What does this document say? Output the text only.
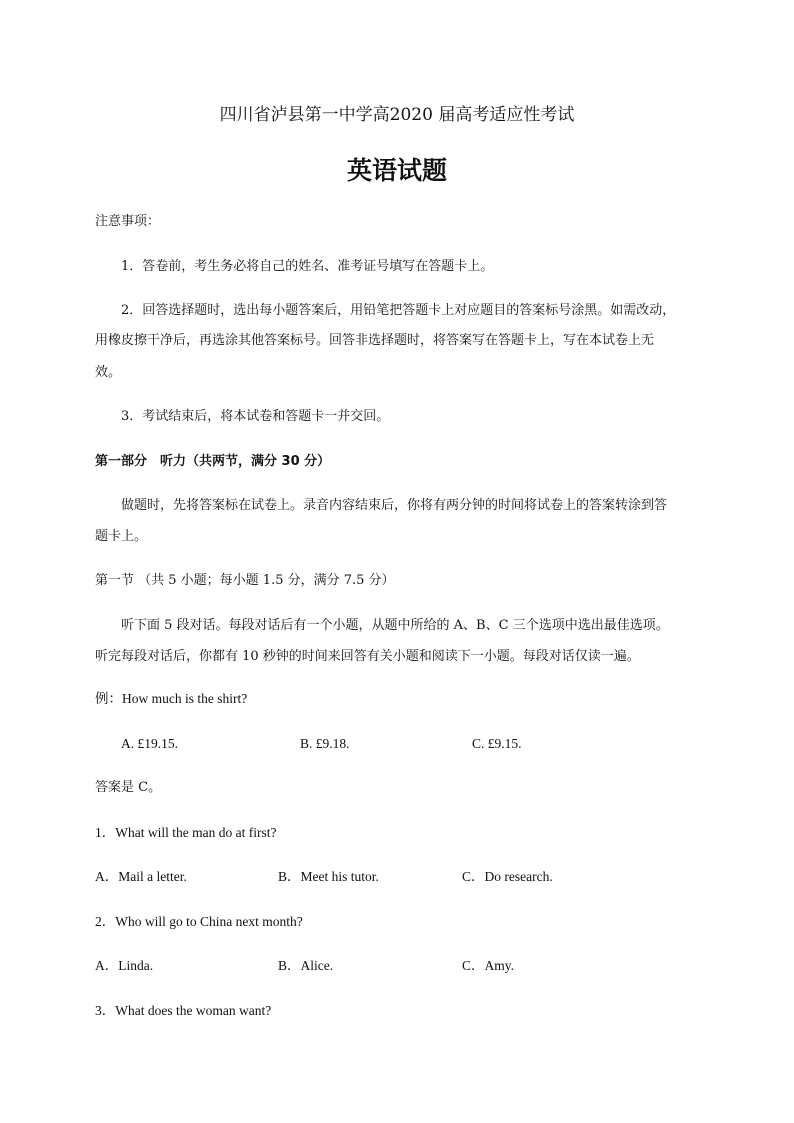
四川省泸县第一中学高2020 届高考适应性考试
英语试题
注意事项：
1．答卷前，考生务必将自己的姓名、准考证号填写在答题卡上。
2．回答选择题时，选出每小题答案后，用铅笔把答题卡上对应题目的答案标号涂黑。如需改动，
用橡皮擦干净后，再选涂其他答案标号。回答非选择题时，将答案写在答题卡上，写在本试卷上无
效。
3．考试结束后，将本试卷和答题卡一并交回。
第一部分　听力（共两节，满分 30 分）
做题时，先将答案标在试卷上。录音内容结束后，你将有两分钟的时间将试卷上的答案转涂到答
题卡上。
第一节 （共 5 小题；每小题 1.5 分，满分 7.5 分）
听下面 5 段对话。每段对话后有一个小题，从题中所给的 A、B、C 三个选项中选出最佳选项。
听完每段对话后，你都有 10 秒钟的时间来回答有关小题和阅读下一小题。每段对话仅读一遍。
例：How much is the shirt?
A. £19.15.	B. £9.18.	C. £9.15.
答案是 C。
1．What will the man do at first?
A．Mail a letter.	B．Meet his tutor.	C．Do research.
2．Who will go to China next month?
A．Linda.	B．Alice.	C．Amy.
3．What does the woman want?
